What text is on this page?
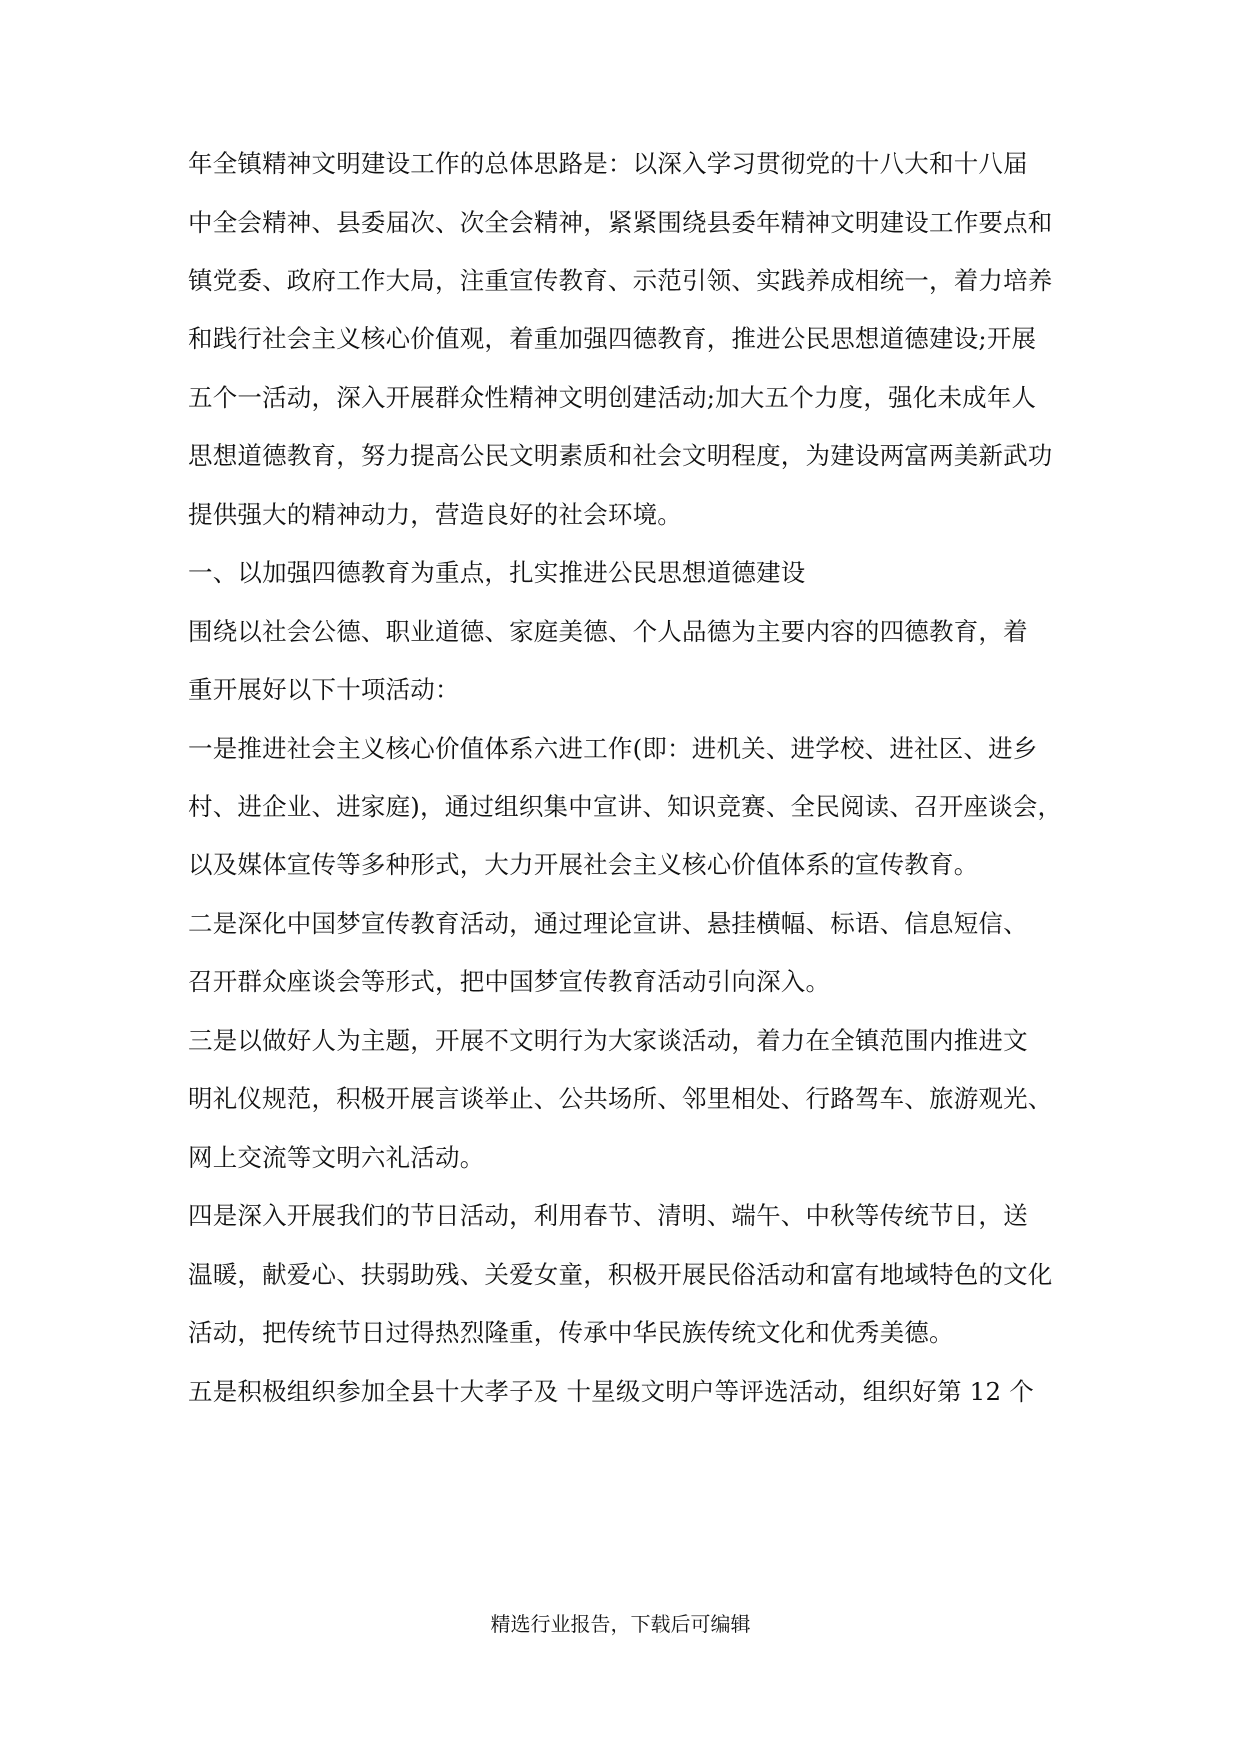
年全镇精神文明建设工作的总体思路是：以深入学习贯彻党的十八大和十八届
中全会精神、县委届次、次全会精神，紧紧围绕县委年精神文明建设工作要点和
镇党委、政府工作大局，注重宣传教育、示范引领、实践养成相统一，着力培养
和践行社会主义核心价值观，着重加强四德教育，推进公民思想道德建设;开展
五个一活动，深入开展群众性精神文明创建活动;加大五个力度，强化未成年人
思想道德教育，努力提高公民文明素质和社会文明程度，为建设两富两美新武功
提供强大的精神动力，营造良好的社会环境。
一、以加强四德教育为重点，扎实推进公民思想道德建设
围绕以社会公德、职业道德、家庭美德、个人品德为主要内容的四德教育，着
重开展好以下十项活动：
一是推进社会主义核心价值体系六进工作(即：进机关、进学校、进社区、进乡
村、进企业、进家庭)，通过组织集中宣讲、知识竞赛、全民阅读、召开座谈会，
以及媒体宣传等多种形式，大力开展社会主义核心价值体系的宣传教育。
二是深化中国梦宣传教育活动，通过理论宣讲、悬挂横幅、标语、信息短信、
召开群众座谈会等形式，把中国梦宣传教育活动引向深入。
三是以做好人为主题，开展不文明行为大家谈活动，着力在全镇范围内推进文
明礼仪规范，积极开展言谈举止、公共场所、邻里相处、行路驾车、旅游观光、
网上交流等文明六礼活动。
四是深入开展我们的节日活动，利用春节、清明、端午、中秋等传统节日，送
温暖，献爱心、扶弱助残、关爱女童，积极开展民俗活动和富有地域特色的文化
活动，把传统节日过得热烈隆重，传承中华民族传统文化和优秀美德。
五是积极组织参加全县十大孝子及 十星级文明户等评选活动，组织好第 12 个
精选行业报告，下载后可编辑
